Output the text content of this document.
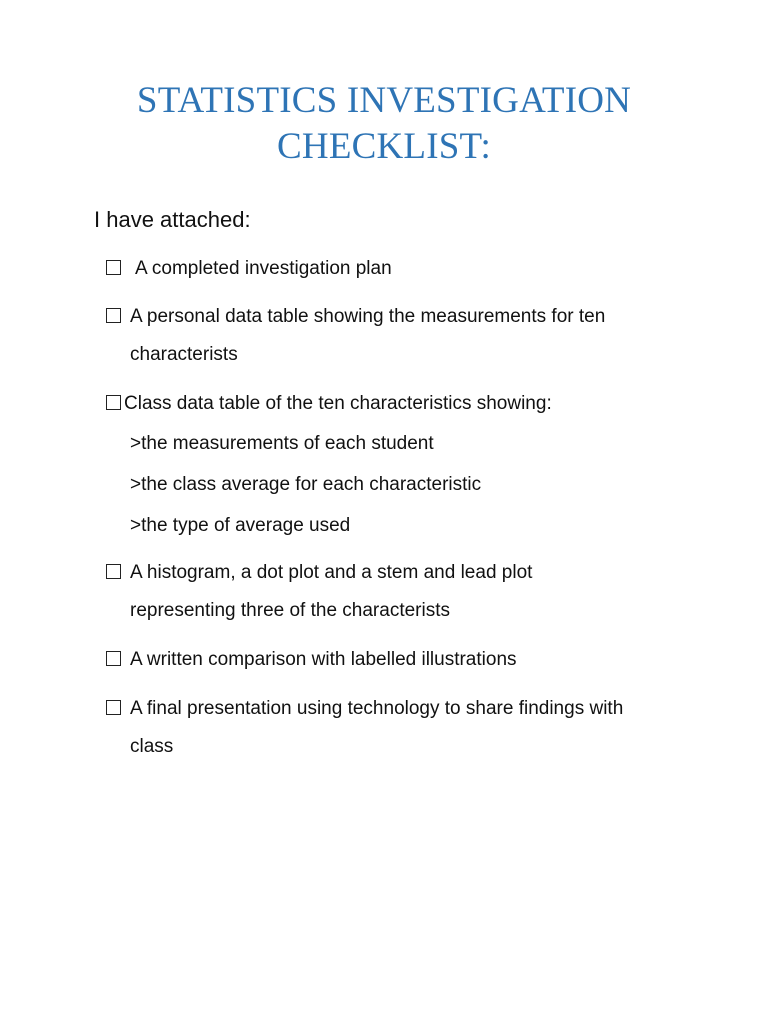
STATISTICS INVESTIGATION
CHECKLIST:
I have attached:
A completed investigation plan
A personal data table showing the measurements for ten
characterists
Class data table of the ten characteristics showing:
>the measurements of each student
>the class average for each characteristic
>the type of average used
A histogram, a dot plot and a stem and lead plot
representing three of the characterists
A written comparison with labelled illustrations
A final presentation using technology to share findings with
class
